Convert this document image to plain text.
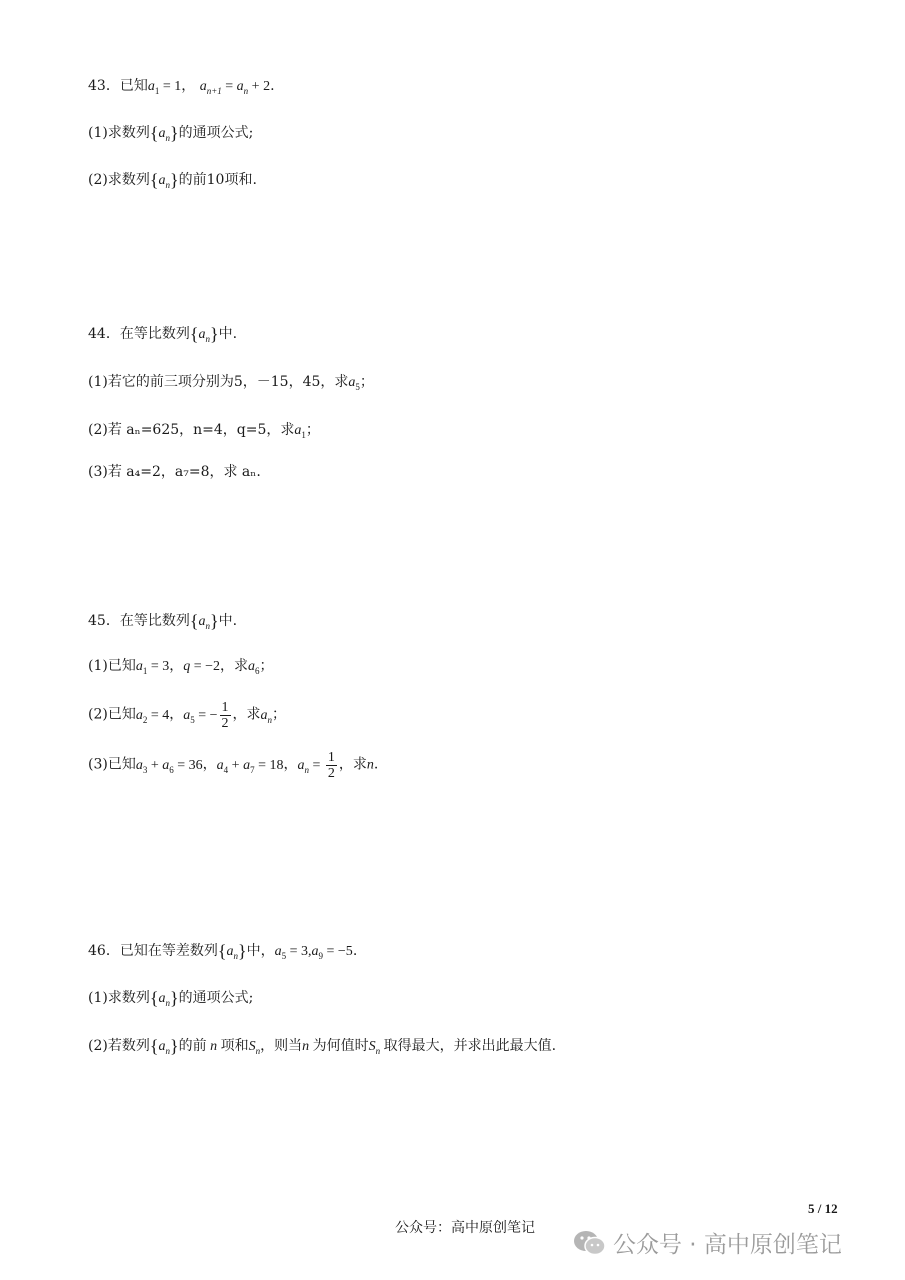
43．已知$a_1 = 1$， $a_{n+1} = a_n + 2$.
(1)求数列$\{a_n\}$的通项公式;
(2)求数列$\{a_n\}$的前10项和.
44．在等比数列$\{a_n\}$中.
(1)若它的前三项分别为5，－15，45，求$a_5$；
(2)若 aₙ=625，n=4，q=5，求$a_1$；
(3)若 a₄=2，a₇=8，求 aₙ.
45．在等比数列$\{a_n\}$中.
(1)已知$a_1 = 3$，q = −2，求$a_6$；
(2)已知$a_2 = 4$，$a_5$ = − $\frac{1}{2}$ ，求$a_n$；
(3)已知$a_3 + a_6 = 36$，$a_4 + a_7 = 18$，$a_n = \frac{1}{2}$ ，求n.
46．已知在等差数列$\{a_n\}$中，$a_5 = 3,a_9 = -5$.
(1)求数列$\{a_n\}$的通项公式;
(2)若数列$\{a_n\}$的前 n 项和$S_n$，则当n 为何值时$S_n$ 取得最大，并求出此最大值.
5 / 12
公众号：高中原创笔记
公众号 · 高中原创笔记
